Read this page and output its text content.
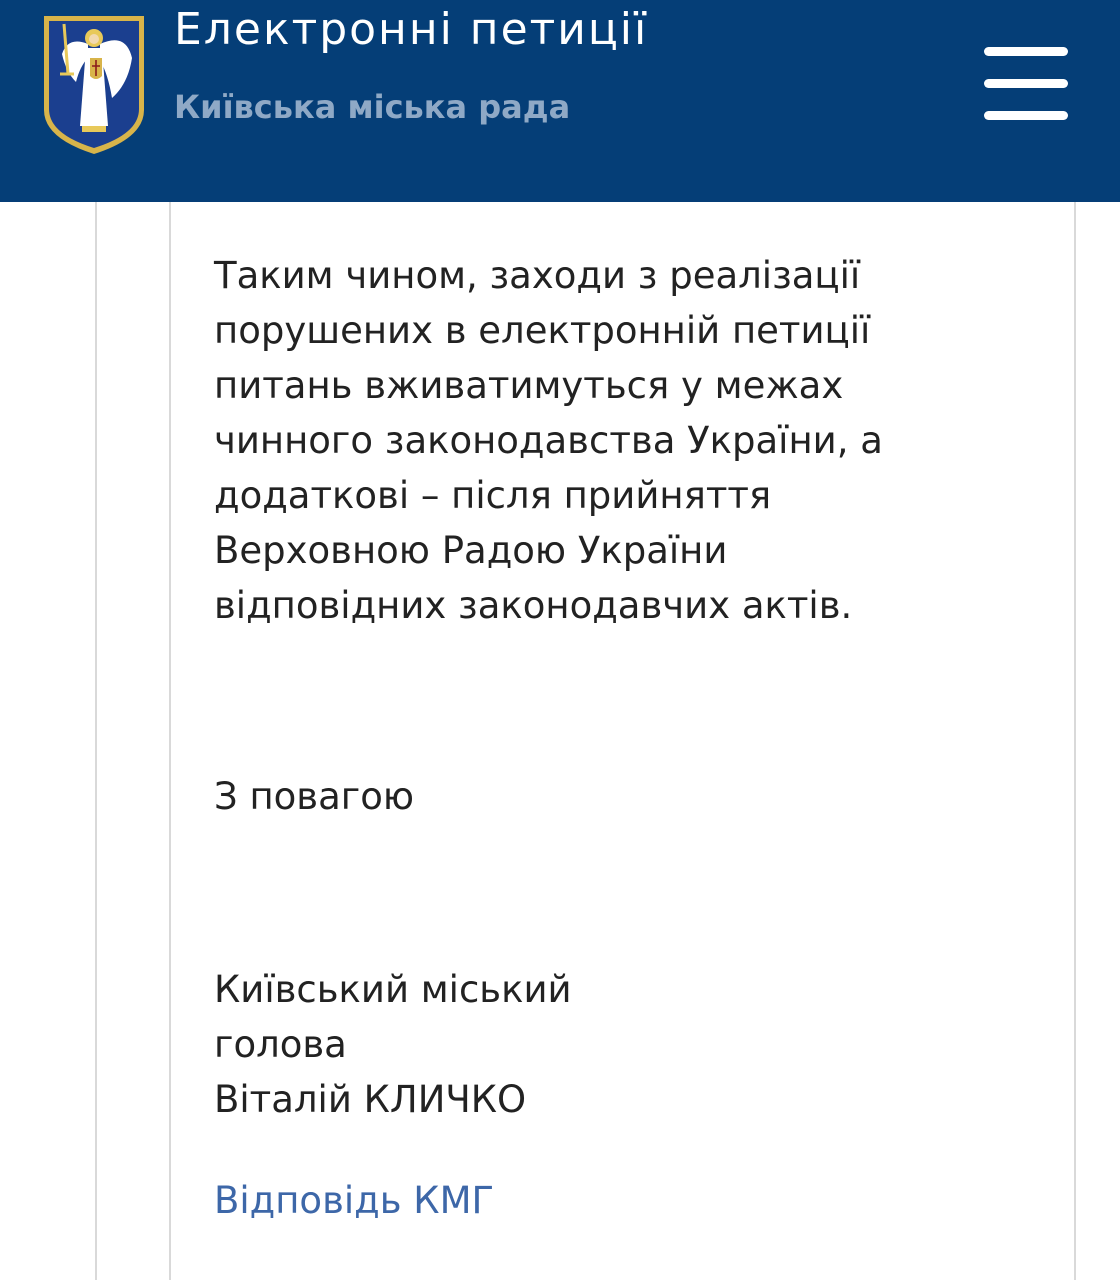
Електронні петиції
Київська міська рада

Таким чином, заходи з реалізації
порушених в електронній петиції
питань вживатимуться у межах
чинного законодавства України, а
додаткові – після прийняття
Верховною Радою України
відповідних законодавчих актів.

З повагою

Київський міський
голова
Віталій КЛИЧКО

Відповідь КМГ
